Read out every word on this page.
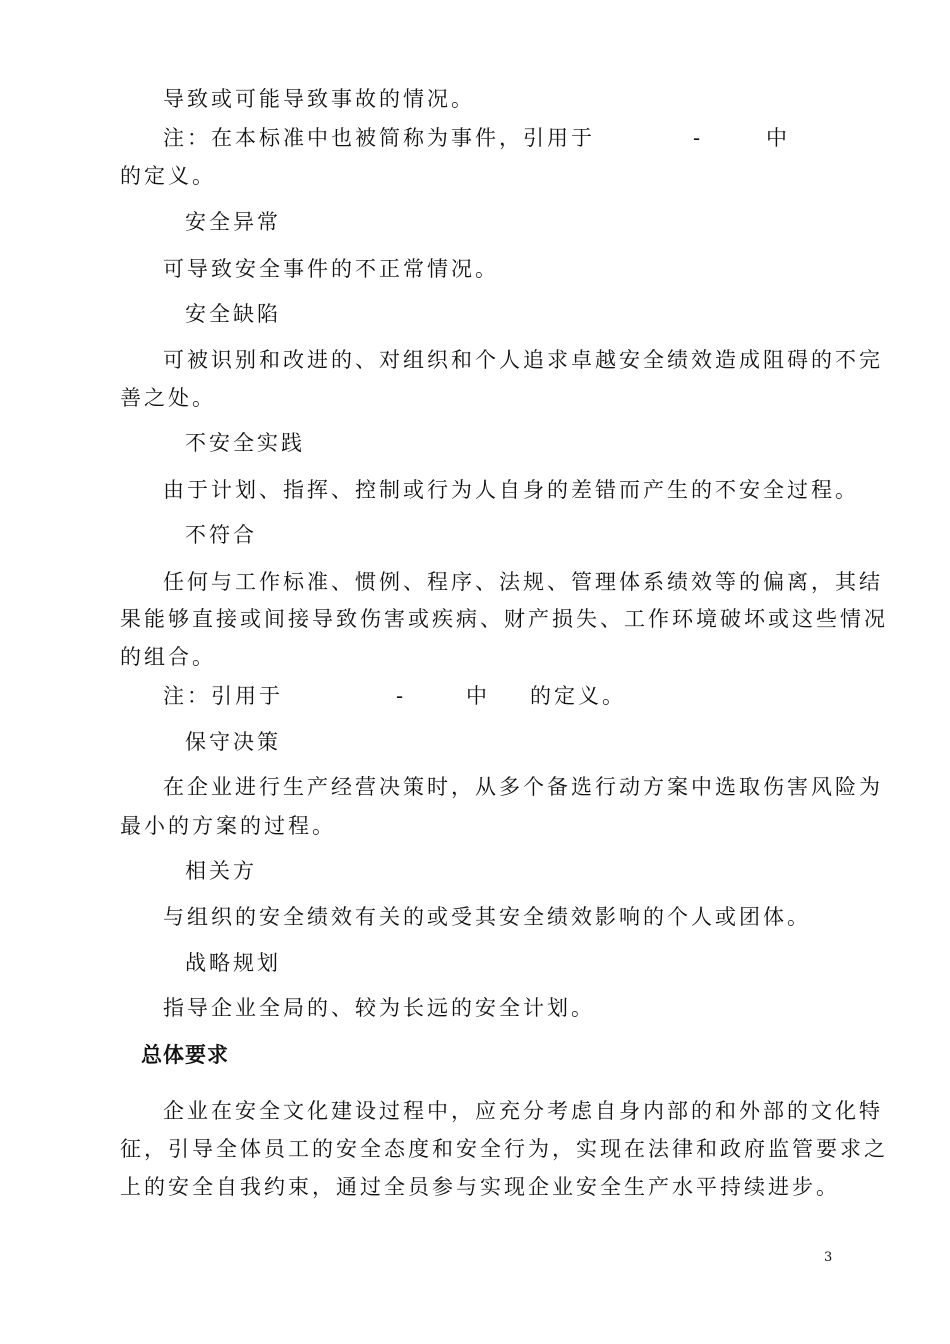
导致或可能导致事故的情况。
注：在本标准中也被简称为事件，引用于	-	中
的定义。
安全异常
可导致安全事件的不正常情况。
安全缺陷
可被识别和改进的、对组织和个人追求卓越安全绩效造成阻碍的不完
善之处。
不安全实践
由于计划、指挥、控制或行为人自身的差错而产生的不安全过程。
不符合
任何与工作标准、惯例、程序、法规、管理体系绩效等的偏离，其结
果能够直接或间接导致伤害或疾病、财产损失、工作环境破坏或这些情况
的组合。
注：引用于	-	中 的定义。
保守决策
在企业进行生产经营决策时，从多个备选行动方案中选取伤害风险为
最小的方案的过程。
相关方
与组织的安全绩效有关的或受其安全绩效影响的个人或团体。
战略规划
指导企业全局的、较为长远的安全计划。
总体要求
企业在安全文化建设过程中，应充分考虑自身内部的和外部的文化特
征，引导全体员工的安全态度和安全行为，实现在法律和政府监管要求之
上的安全自我约束，通过全员参与实现企业安全生产水平持续进步。
3
